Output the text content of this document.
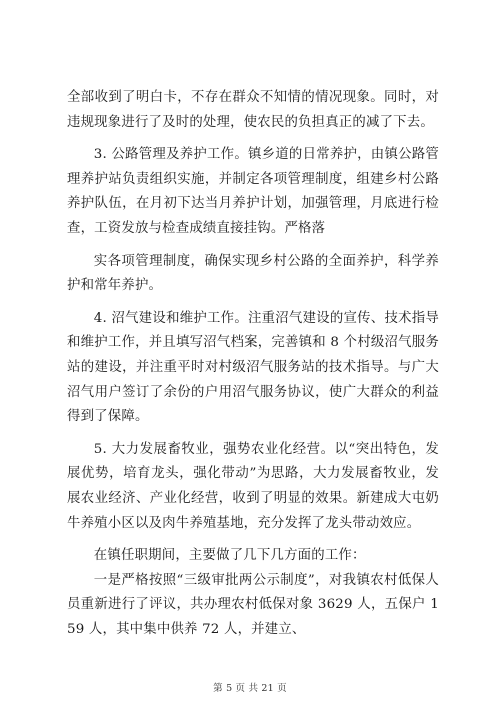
全部收到了明白卡，不存在群众不知情的情况现象。同时，对违规现象进行了及时的处理，使农民的负担真正的减了下去。

3. 公路管理及养护工作。镇乡道的日常养护，由镇公路管理养护站负责组织实施，并制定各项管理制度，组建乡村公路养护队伍，在月初下达当月养护计划，加强管理，月底进行检查，工资发放与检查成绩直接挂钩。严格落

实各项管理制度，确保实现乡村公路的全面养护，科学养护和常年养护。

4. 沼气建设和维护工作。注重沼气建设的宣传、技术指导和维护工作，并且填写沼气档案，完善镇和 8 个村级沼气服务站的建设，并注重平时对村级沼气服务站的技术指导。与广大沼气用户签订了余份的户用沼气服务协议，使广大群众的利益得到了保障。

5. 大力发展畜牧业，强势农业化经营。以“突出特色，发展优势，培育龙头，强化带动”为思路，大力发展畜牧业，发展农业经济、产业化经营，收到了明显的效果。新建成大屯奶牛养殖小区以及肉牛养殖基地，充分发挥了龙头带动效应。

在镇任职期间，主要做了几下几方面的工作：

一是严格按照“三级审批两公示制度”，对我镇农村低保人员重新进行了评议，共办理农村低保对象 3629 人，五保户 159 人，其中集中供养 72 人，并建立、

第 5 页 共 21 页
